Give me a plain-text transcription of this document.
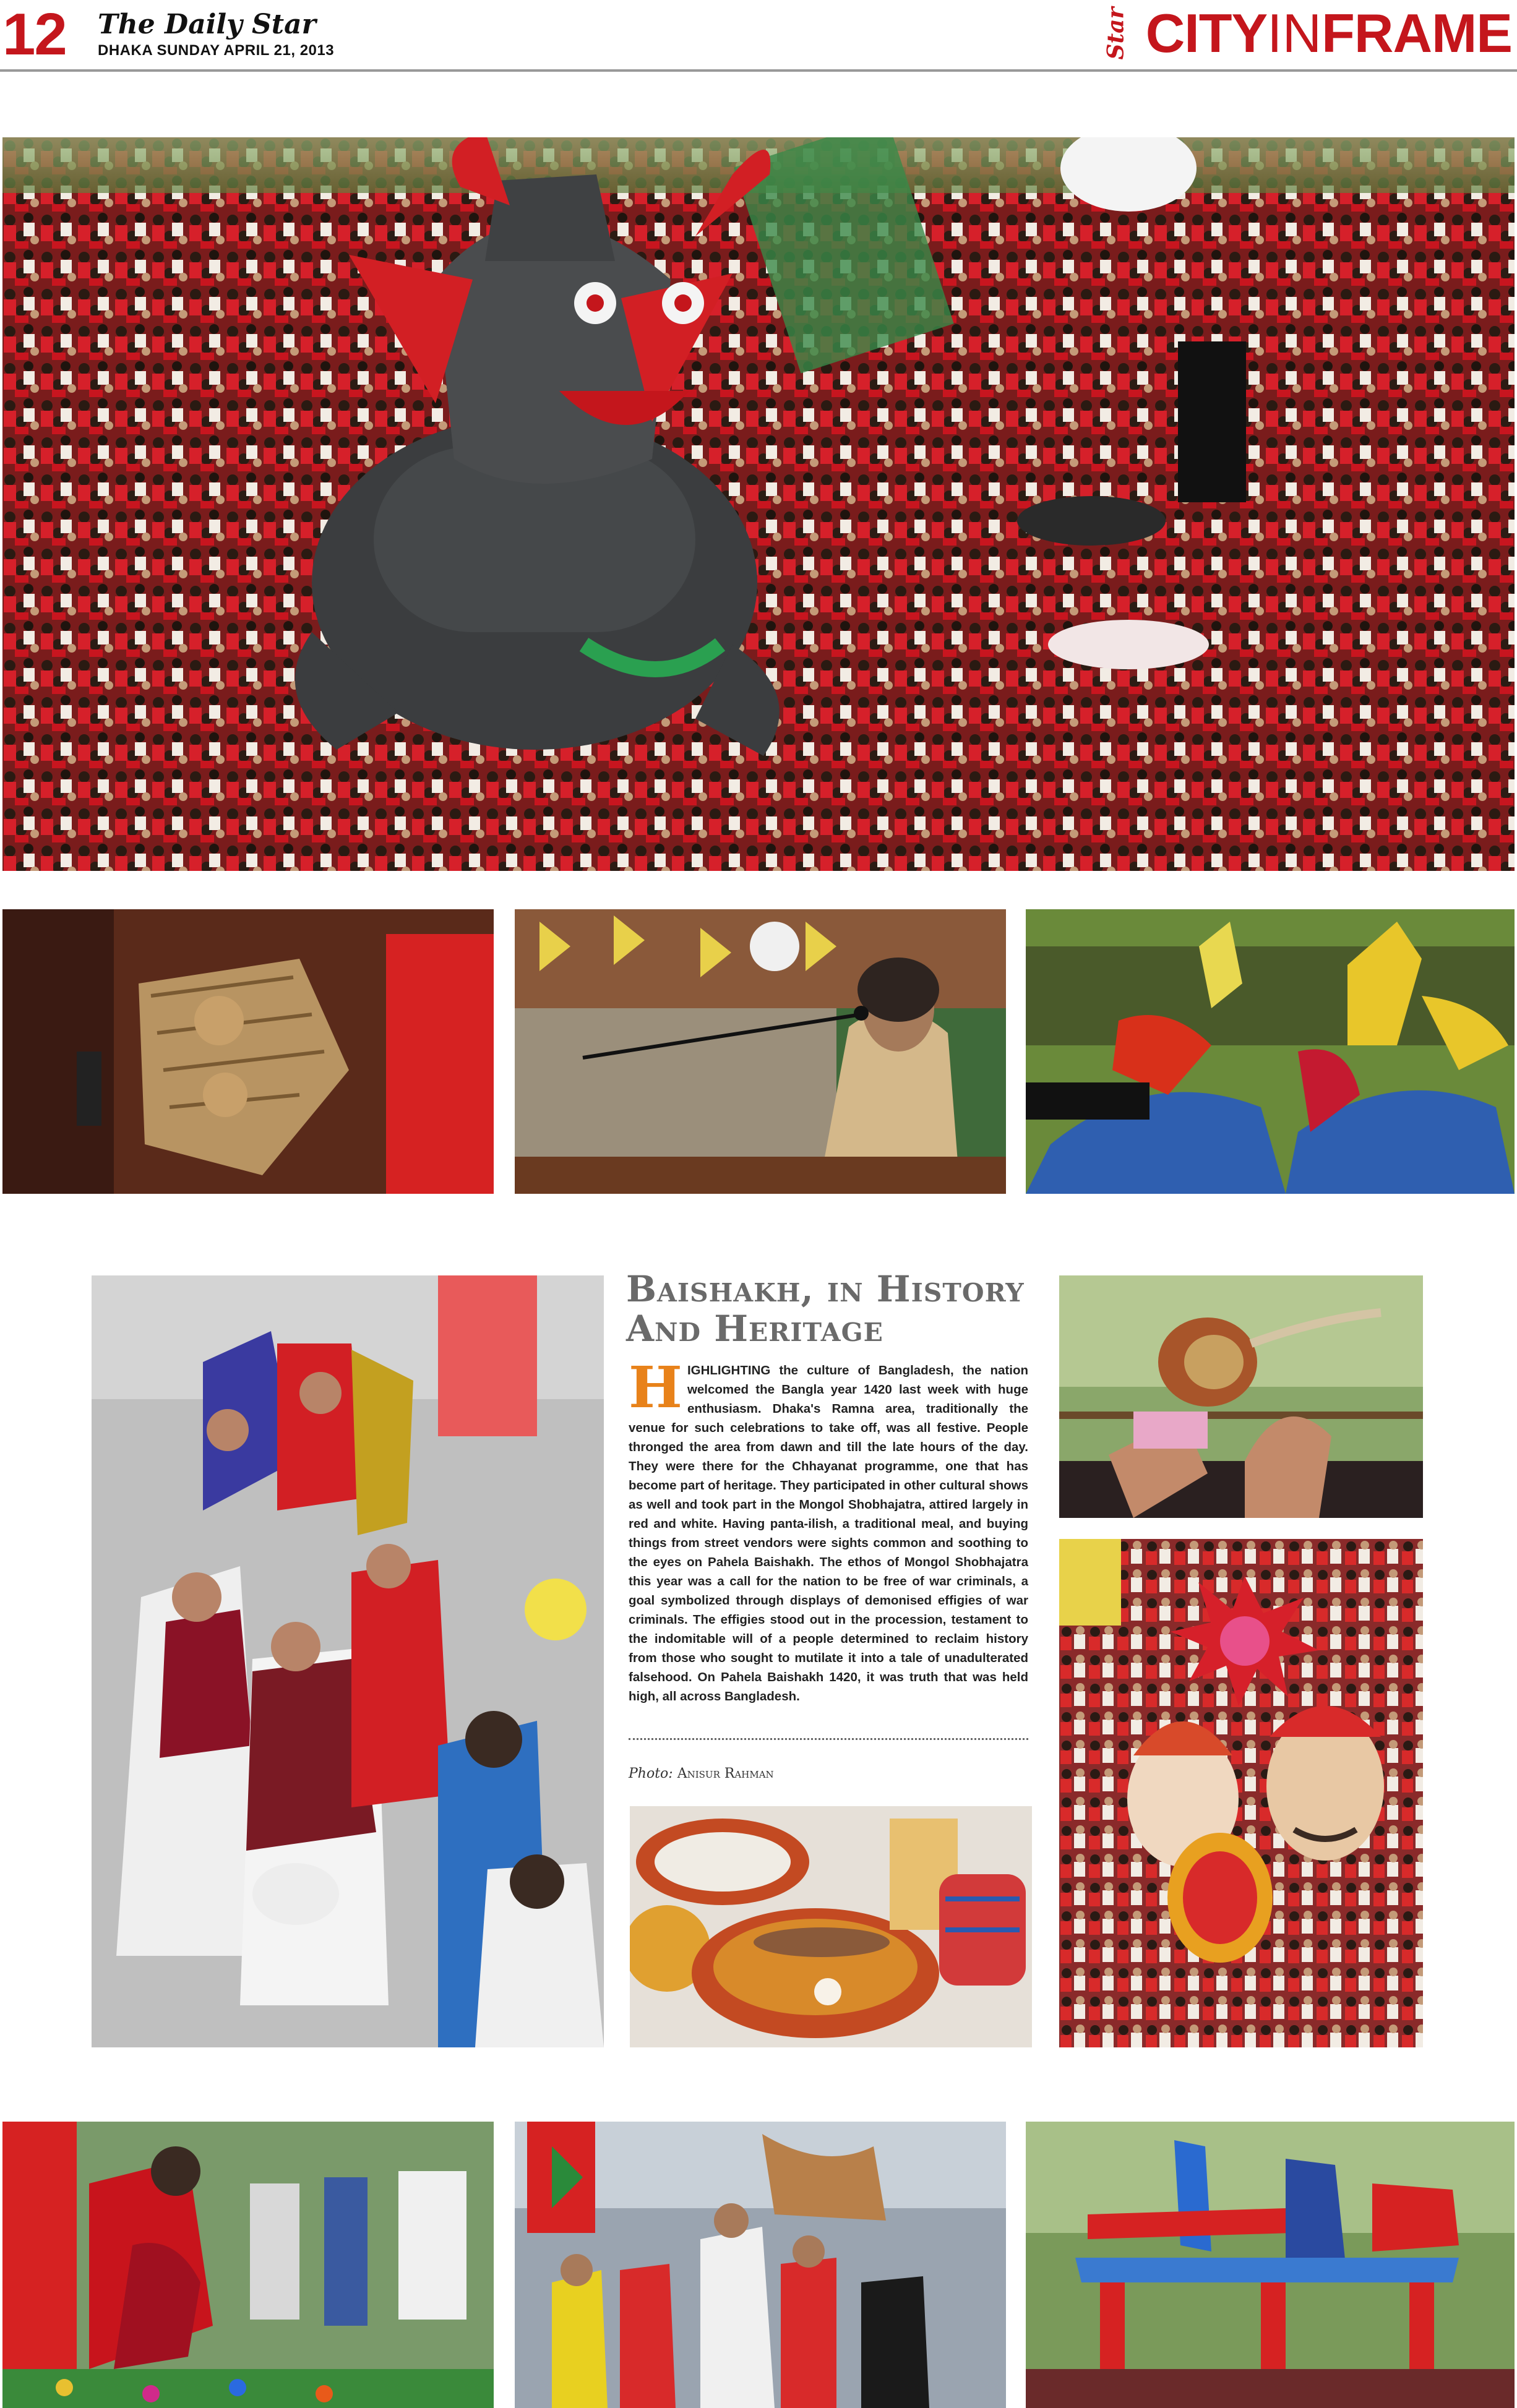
12 The Daily Star
DHAKA SUNDAY APRIL 21, 2013	Star CITY IN FRAME
Baishakh, in History
And Heritage
HIGHLIGHTING the culture of Bangladesh, the nation welcomed the Bangla year 1420 last week with huge enthusiasm. Dhaka's Ramna area, traditionally the venue for such celebrations to take off, was all festive. People thronged the area from dawn and till the late hours of the day. They were there for the Chhayanat programme, one that has become part of heritage. They participated in other cultural shows as well and took part in the Mongol Shobhajatra, attired largely in red and white. Having panta-ilish, a traditional meal, and buying things from street vendors were sights common and soothing to the eyes on Pahela Baishakh. The ethos of Mongol Shobhajatra this year was a call for the nation to be free of war criminals, a goal symbolized through displays of demonised effigies of war criminals. The effigies stood out in the procession, testament to the indomitable will of a people determined to reclaim history from those who sought to mutilate it into a tale of unadulterated falsehood. On Pahela Baishakh 1420, it was truth that was held high, all across Bangladesh.
Photo: Anisur Rahman
